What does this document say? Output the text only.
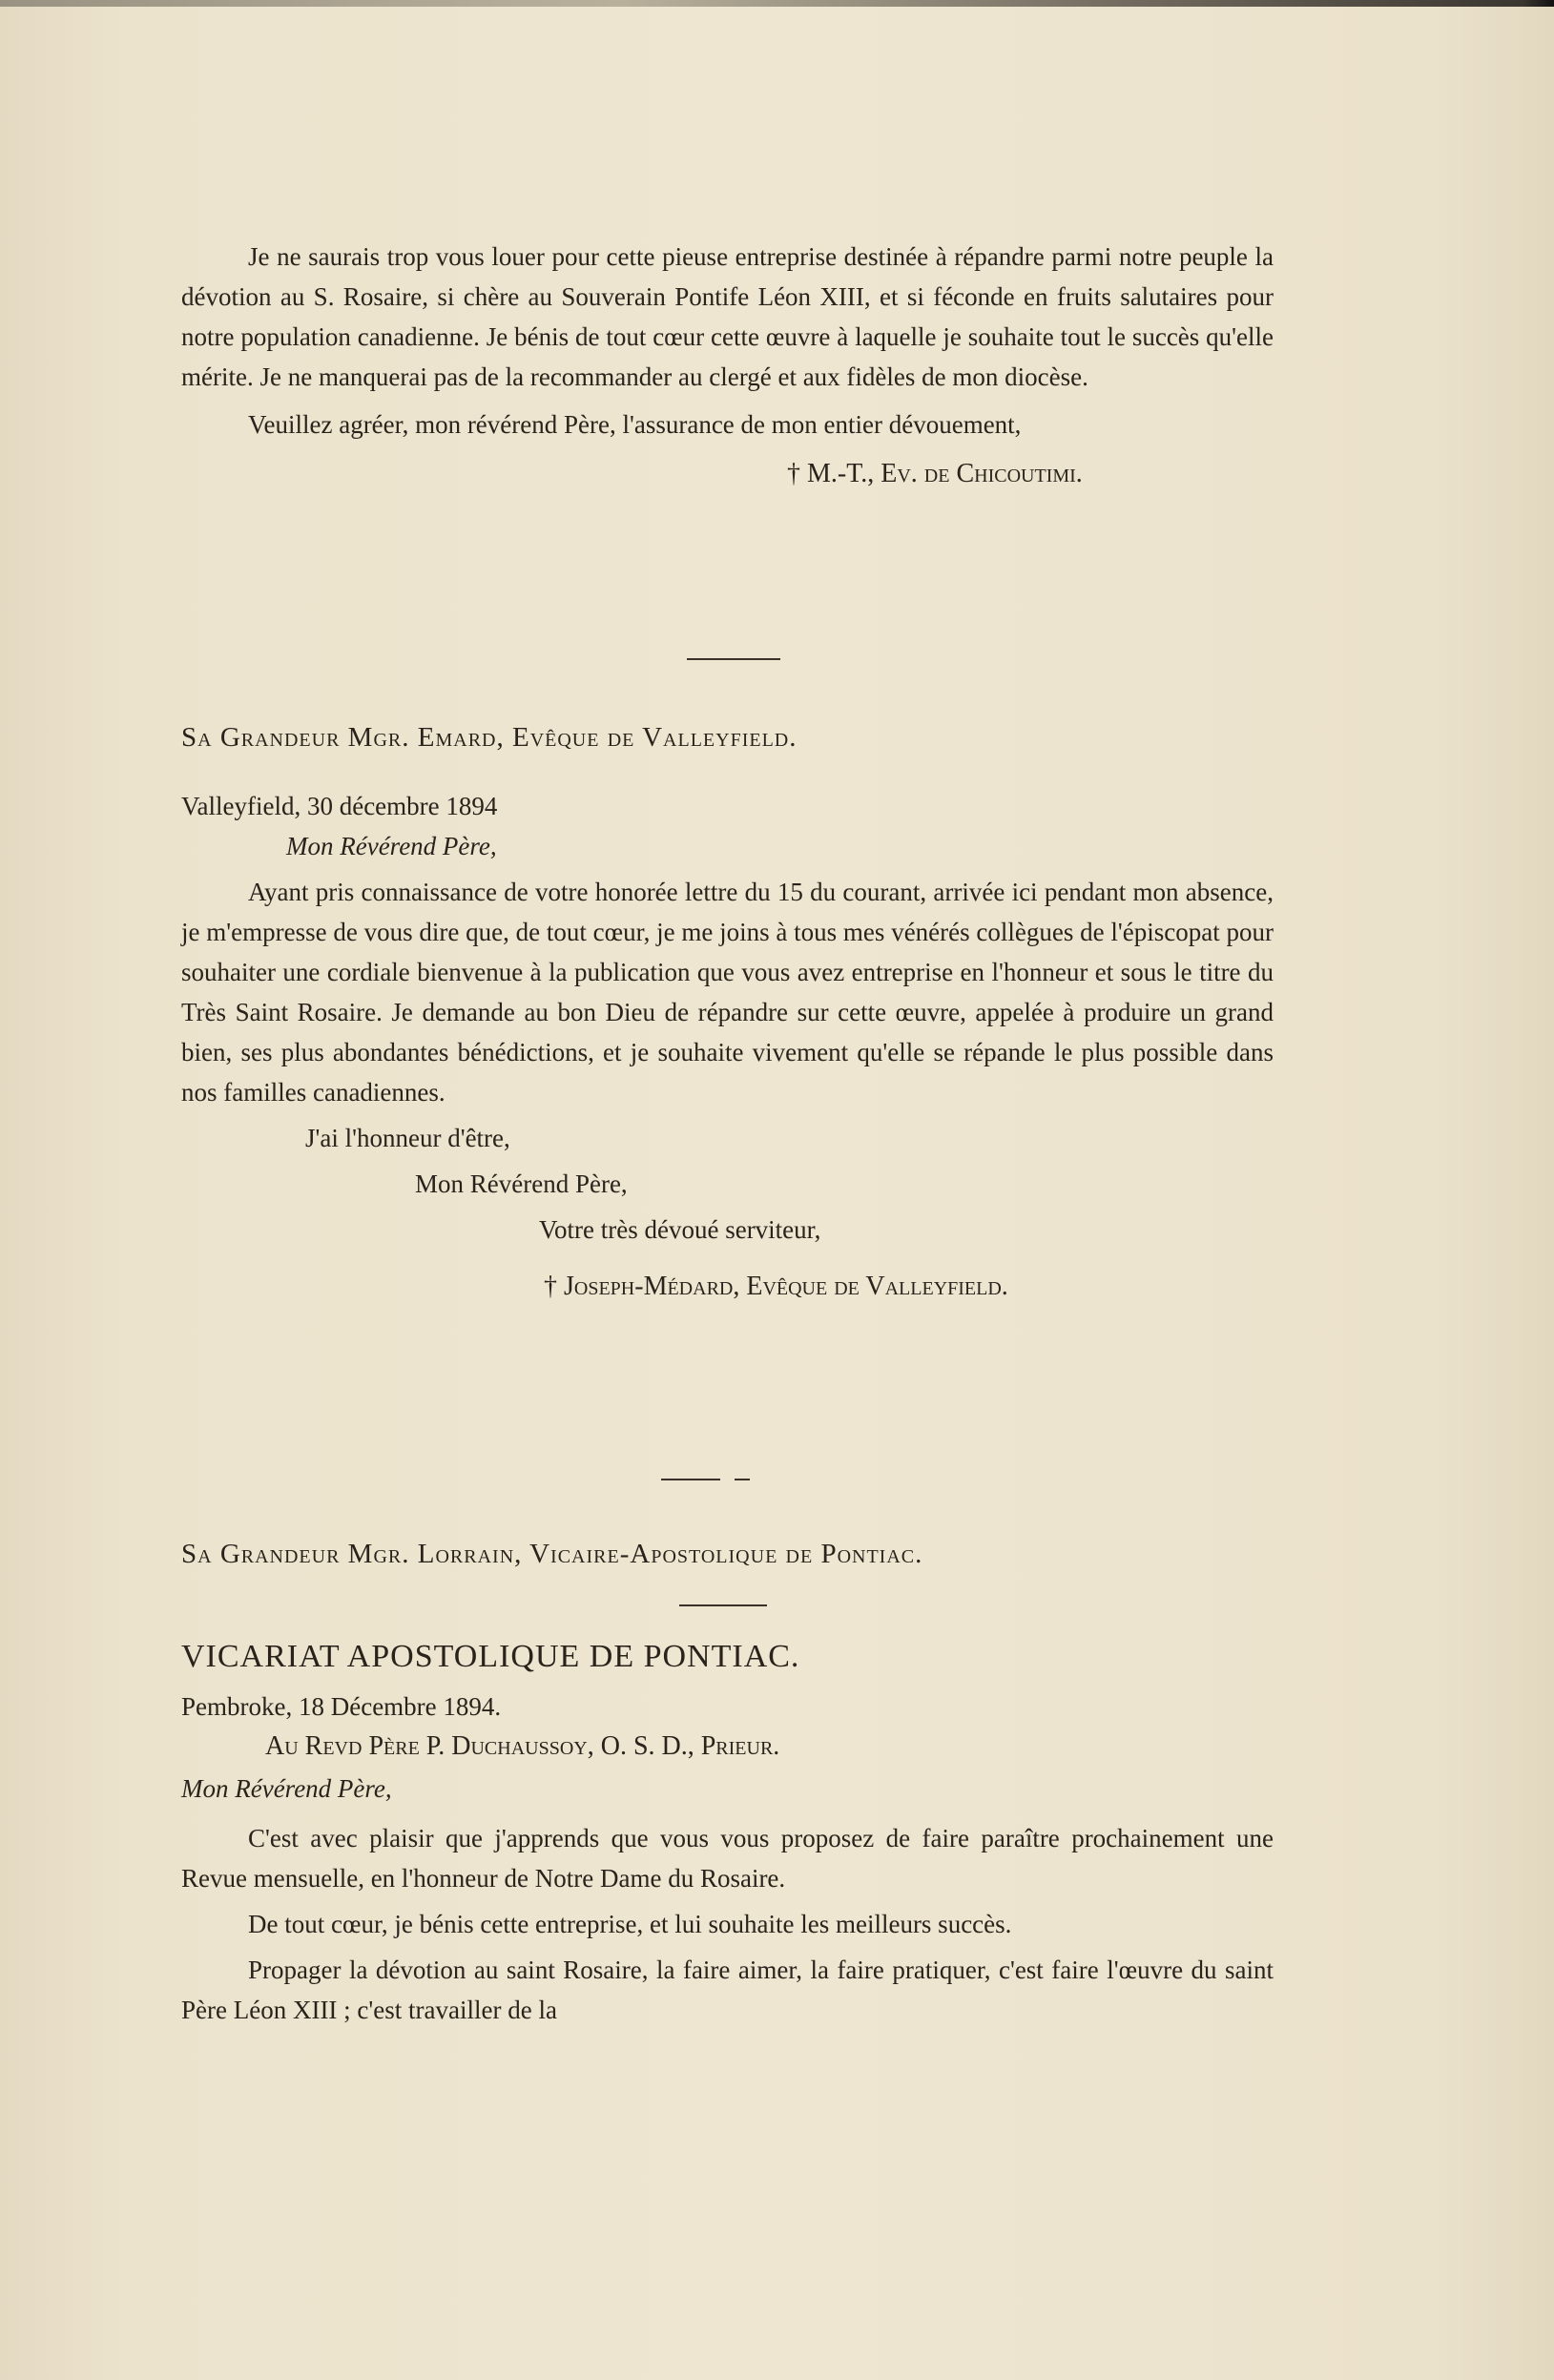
Je ne saurais trop vous louer pour cette pieuse entreprise destinée à répandre parmi notre peuple la dévotion au S. Rosaire, si chère au Souverain Pontife Léon XIII, et si féconde en fruits salutaires pour notre population canadienne. Je bénis de tout cœur cette œuvre à laquelle je souhaite tout le succès qu'elle mérite. Je ne manquerai pas de la recommander au clergé et aux fidèles de mon diocèse.

Veuillez agréer, mon révérend Père, l'assurance de mon entier dévouement,

† M.-T., Ev. de Chicoutimi.

Sa Grandeur Mgr. Emard, Evêque de Valleyfield.

Valleyfield, 30 décembre 1894

Mon Révérend Père,

Ayant pris connaissance de votre honorée lettre du 15 du courant, arrivée ici pendant mon absence, je m'empresse de vous dire que, de tout cœur, je me joins à tous mes vénérés collègues de l'épiscopat pour souhaiter une cordiale bienvenue à la publication que vous avez entreprise en l'honneur et sous le titre du Très Saint Rosaire. Je demande au bon Dieu de répandre sur cette œuvre, appelée à produire un grand bien, ses plus abondantes bénédictions, et je souhaite vivement qu'elle se répande le plus possible dans nos familles canadiennes.

J'ai l'honneur d'être,

Mon Révérend Père,

Votre très dévoué serviteur,

† Joseph-Médard, Evêque de Valleyfield.

Sa Grandeur Mgr. Lorrain, Vicaire-Apostolique de Pontiac.

VICARIAT APOSTOLIQUE DE PONTIAC.

Pembroke, 18 Décembre 1894.

Au Revd Père P. Duchaussoy, O. S. D., Prieur.

Mon Révérend Père,

C'est avec plaisir que j'apprends que vous vous proposez de faire paraître prochainement une Revue mensuelle, en l'honneur de Notre Dame du Rosaire.

De tout cœur, je bénis cette entreprise, et lui souhaite les meilleurs succès.

Propager la dévotion au saint Rosaire, la faire aimer, la faire pratiquer, c'est faire l'œuvre du saint Père Léon XIII ; c'est travailler de la
